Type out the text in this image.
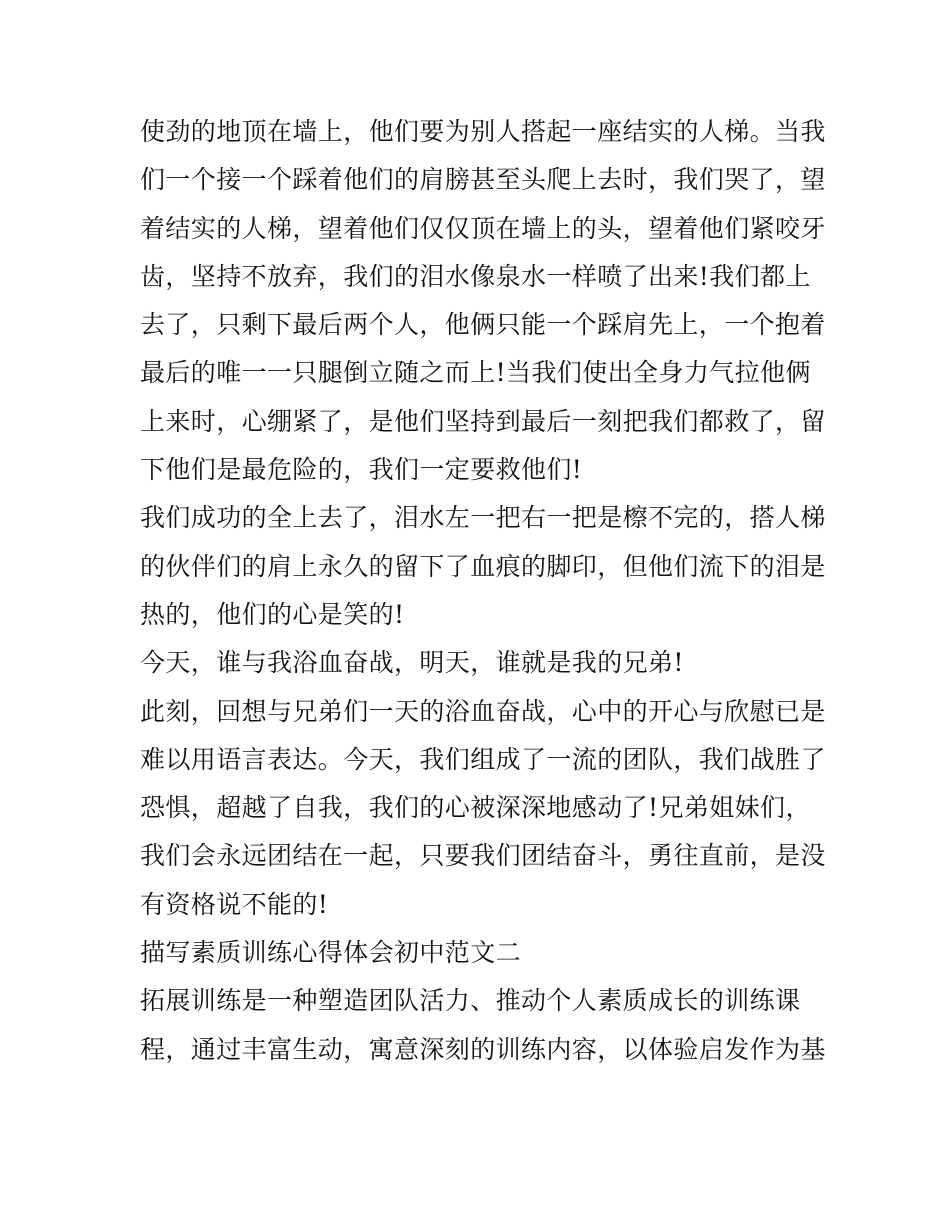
使劲的地顶在墙上，他们要为别人搭起一座结实的人梯。当我
们一个接一个踩着他们的肩膀甚至头爬上去时，我们哭了，望
着结实的人梯，望着他们仅仅顶在墙上的头，望着他们紧咬牙
齿，坚持不放弃，我们的泪水像泉水一样喷了出来!我们都上
去了，只剩下最后两个人，他俩只能一个踩肩先上，一个抱着
最后的唯一一只腿倒立随之而上!当我们使出全身力气拉他俩
上来时，心绷紧了，是他们坚持到最后一刻把我们都救了，留
下他们是最危险的，我们一定要救他们!
我们成功的全上去了，泪水左一把右一把是檫不完的，搭人梯
的伙伴们的肩上永久的留下了血痕的脚印，但他们流下的泪是
热的，他们的心是笑的!
今天，谁与我浴血奋战，明天，谁就是我的兄弟!
此刻，回想与兄弟们一天的浴血奋战，心中的开心与欣慰已是
难以用语言表达。今天，我们组成了一流的团队，我们战胜了
恐惧，超越了自我，我们的心被深深地感动了!兄弟姐妹们，
我们会永远团结在一起，只要我们团结奋斗，勇往直前，是没
有资格说不能的!
描写素质训练心得体会初中范文二
拓展训练是一种塑造团队活力、推动个人素质成长的训练课
程，通过丰富生动，寓意深刻的训练内容，以体验启发作为基
